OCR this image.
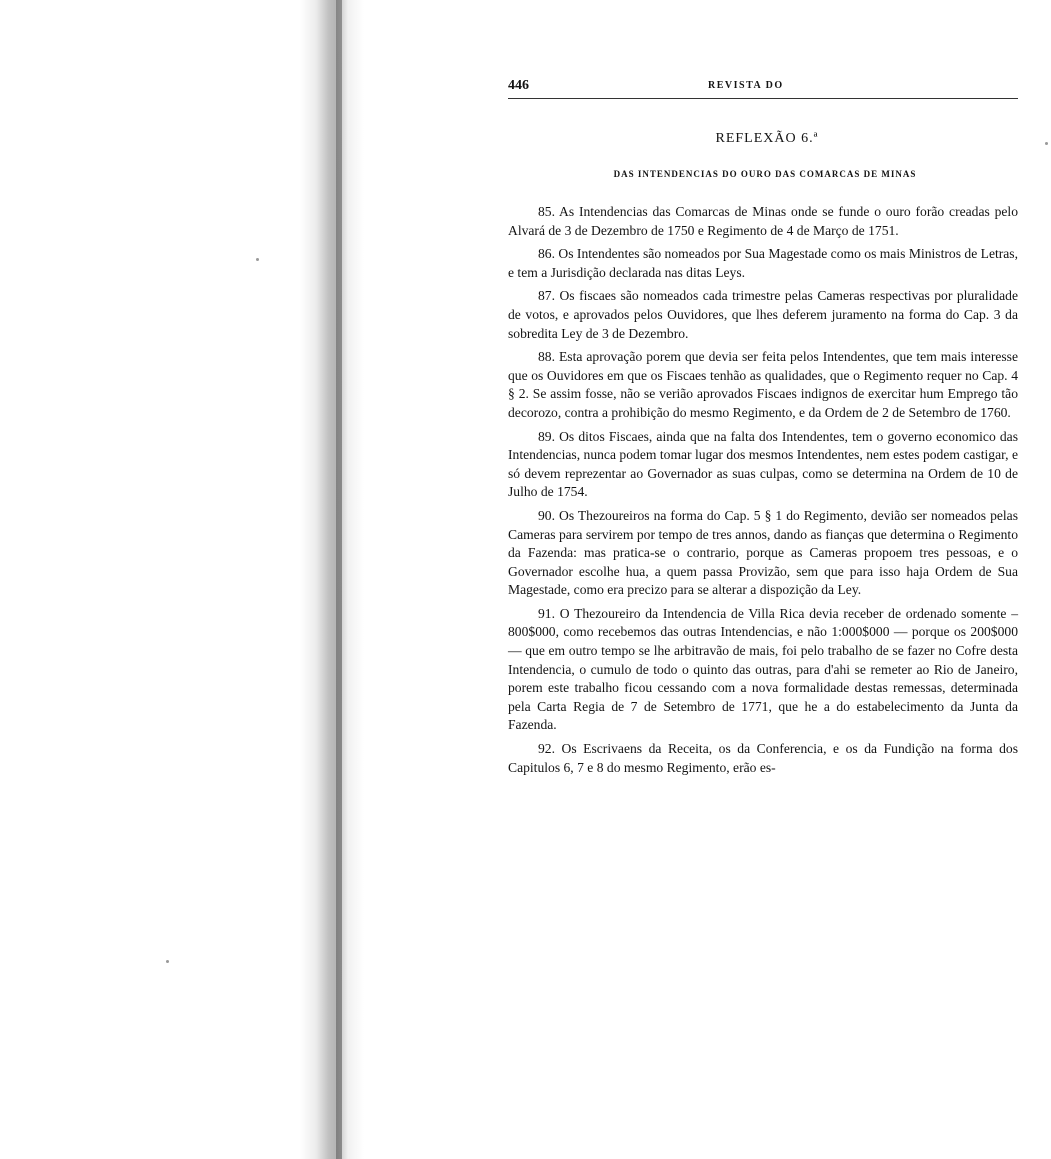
446	REVISTA DO
REFLEXÃO 6.ª
DAS INTENDENCIAS DO OURO DAS COMARCAS DE MINAS

85. As Intendencias das Comarcas de Minas onde se funde o ouro forão creadas pelo Alvará de 3 de Dezembro de 1750 e Regimento de 4 de Março de 1751.

86. Os Intendentes são nomeados por Sua Magestade como os mais Ministros de Letras, e tem a Jurisdição declarada nas ditas Leys.

87. Os fiscaes são nomeados cada trimestre pelas Cameras respectivas por pluralidade de votos, e aprovados pelos Ouvidores, que lhes deferem juramento na forma do Cap. 3 da sobredita Ley de 3 de Dezembro.

88. Esta aprovação porem que devia ser feita pelos Intendentes, que tem mais interesse que os Ouvidores em que os Fiscaes tenhão as qualidades, que o Regimento requer no Cap. 4 § 2. Se assim fosse, não se verião aprovados Fiscaes indignos de exercitar hum Emprego tão decorozo, contra a prohibição do mesmo Regimento, e da Ordem de 2 de Setembro de 1760.

89. Os ditos Fiscaes, ainda que na falta dos Intendentes, tem o governo economico das Intendencias, nunca podem tomar lugar dos mesmos Intendentes, nem estes podem castigar, e só devem reprezentar ao Governador as suas culpas, como se determina na Ordem de 10 de Julho de 1754.

90. Os Thezoureiros na forma do Cap. 5 § 1 do Regimento, devião ser nomeados pelas Cameras para servirem por tempo de tres annos, dando as fianças que determina o Regimento da Fazenda: mas pratica-se o contrario, porque as Cameras propoem tres pessoas, e o Governador escolhe hua, a quem passa Provizão, sem que para isso haja Ordem de Sua Magestade, como era precizo para se alterar a dispozição da Ley.

91. O Thezoureiro da Intendencia de Villa Rica devia receber de ordenado somente – 800$000, como recebemos das outras Intendencias, e não 1:000$000 — porque os 200$000 — que em outro tempo se lhe arbitravão de mais, foi pelo trabalho de se fazer no Cofre desta Intendencia, o cumulo de todo o quinto das outras, para d'ahi se remeter ao Rio de Janeiro, porem este trabalho ficou cessando com a nova formalidade destas remessas, determinada pela Carta Regia de 7 de Setembro de 1771, que he a do estabelecimento da Junta da Fazenda.

92. Os Escrivaens da Receita, os da Conferencia, e os da Fundição na forma dos Capitulos 6, 7 e 8 do mesmo Regimento, erão es-
